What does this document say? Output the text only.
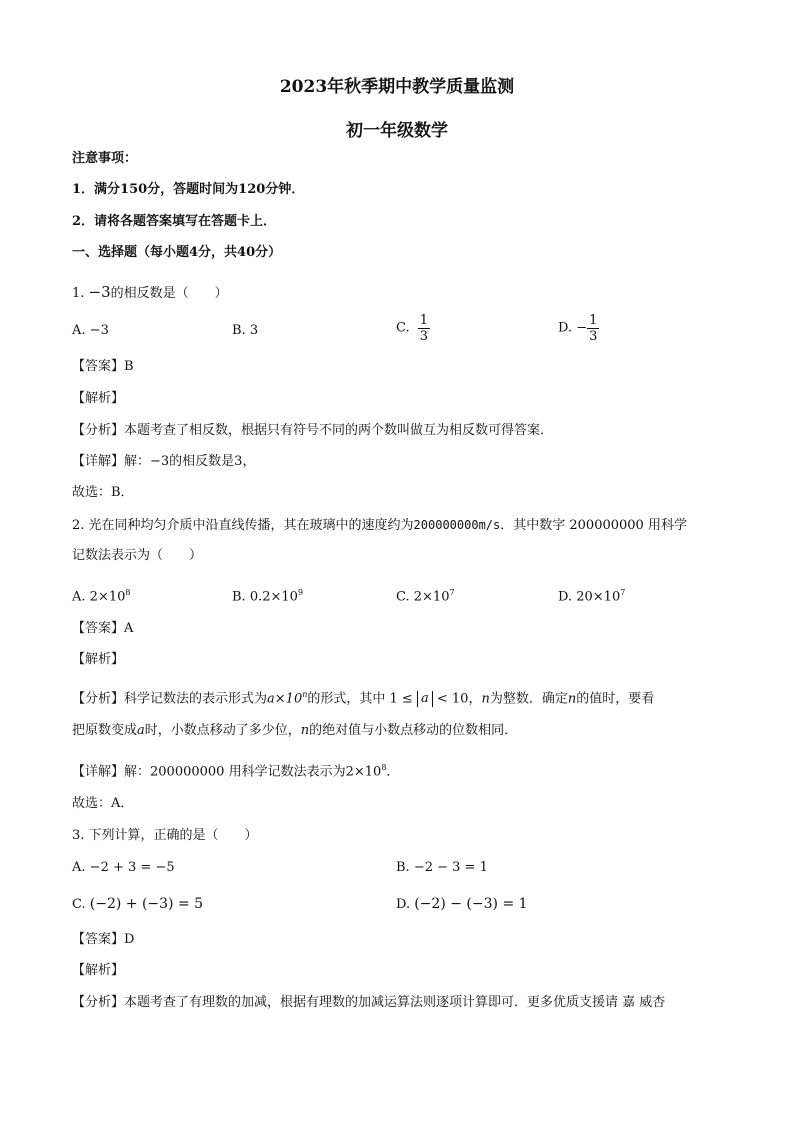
2023年秋季期中教学质量监测
初一年级数学
注意事项：
1．满分150分，答题时间为120分钟．
2．请将各题答案填写在答题卡上．
一、选择题（每小题4分，共40分）
1. −3的相反数是（　　）
A. −3	B. 3	C. $\frac{1}{3}$	D. − $\frac{1}{3}$
【答案】B
【解析】
【分析】本题考查了相反数，根据只有符号不同的两个数叫做互为相反数可得答案．
【详解】解：−3的相反数是3，
故选：B．
2. 光在同种均匀介质中沿直线传播，其在玻璃中的速度约为200000000m/s．其中数字 200000000 用科学
记数法表示为（　　）
A. $2\times 10^8$	B. $0.2\times 10^9$	C. $2\times 10^7$	D. $20\times 10^7$
【答案】A
【解析】
【分析】科学记数法的表示形式为$a\times 10^n$的形式，其中 1 ≤ a < 10，n为整数．确定n的值时，要看
把原数变成a时，小数点移动了多少位，n的绝对值与小数点移动的位数相同．
【详解】解：200000000 用科学记数法表示为$2\times 10^8$．
故选：A．
3. 下列计算，正确的是（　　）
A. −2 + 3 = −5	B. −2 − 3 = 1
C. (−2) + (−3) = 5	D. (−2) − (−3) = 1
【答案】D
【解析】
【分析】本题考查了有理数的加减，根据有理数的加减运算法则逐项计算即可．更多优质支援请 嘉 威杏
